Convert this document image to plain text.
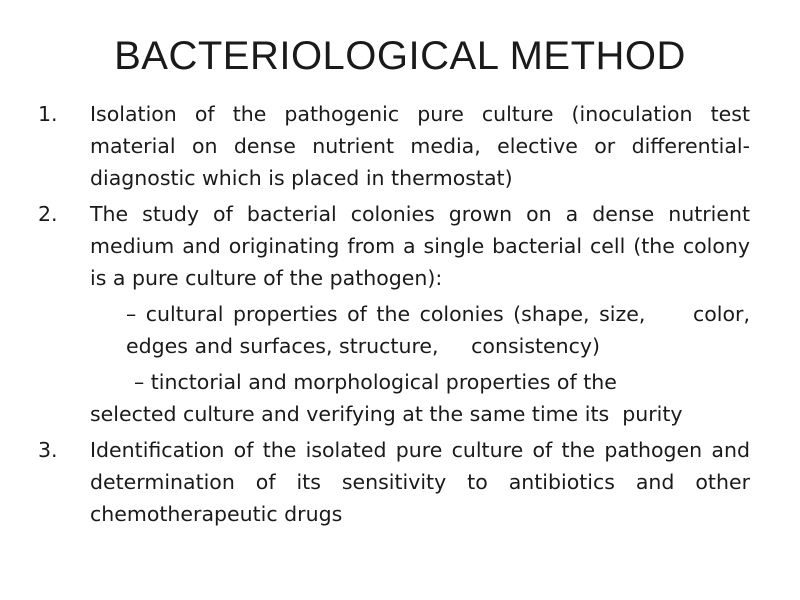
BACTERIOLOGICAL METHOD
1. Isolation of the pathogenic pure culture (inoculation test material on dense nutrient media, elective or differential-diagnostic which is placed in thermostat)
2. The study of bacterial colonies grown on a dense nutrient medium and originating from a single bacterial cell (the colony is a pure culture of the pathogen):
– cultural properties of the colonies (shape, size,     color, edges and surfaces, structure,     consistency)
– tinctorial and morphological properties of the
selected culture and verifying at the same time its  purity
3. Identification of the isolated pure culture of the pathogen and determination of its sensitivity to antibiotics and other chemotherapeutic drugs
